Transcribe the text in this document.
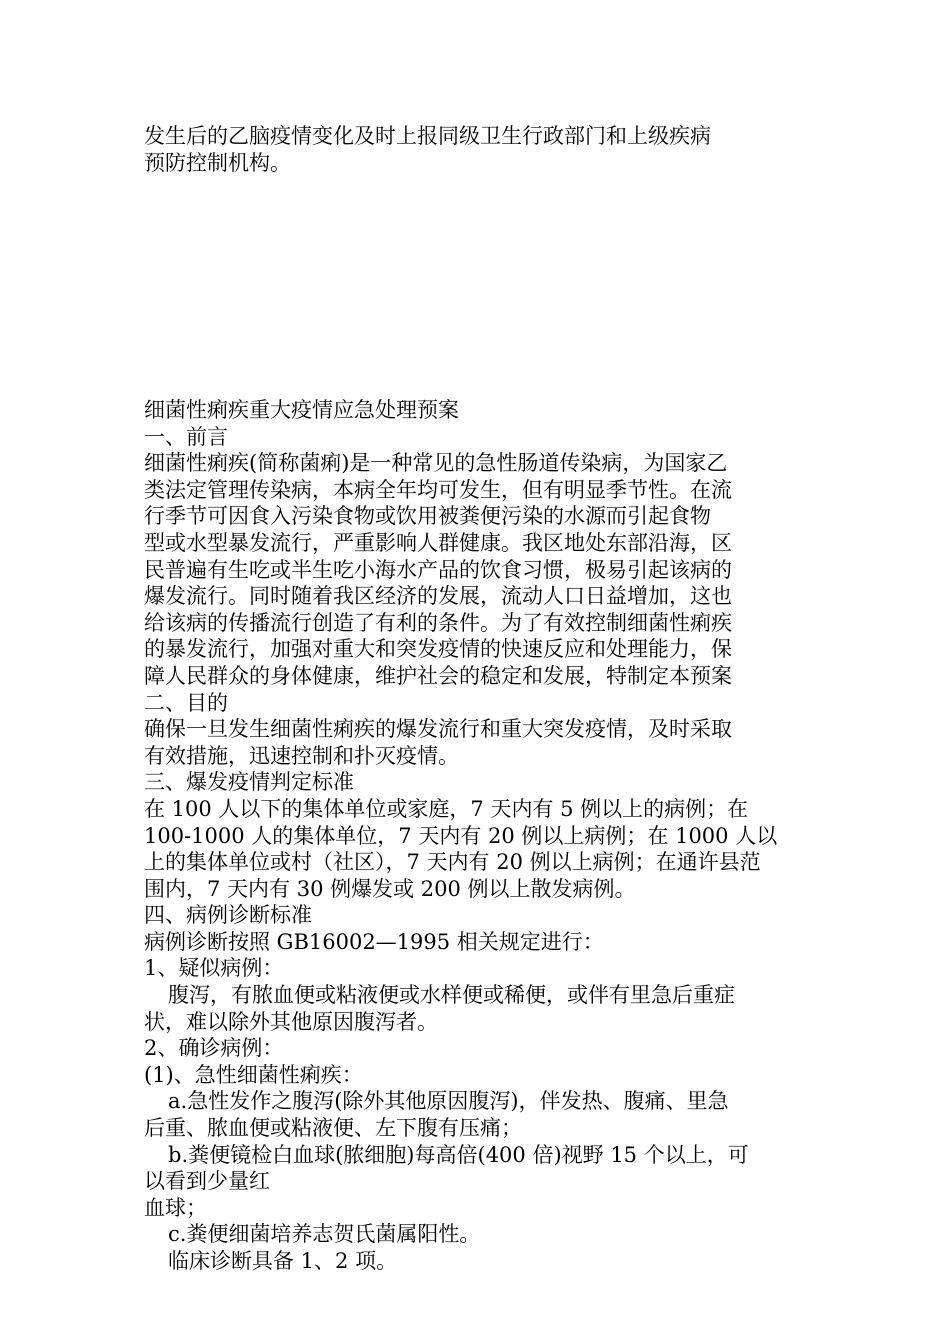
发生后的乙脑疫情变化及时上报同级卫生行政部门和上级疾病
预防控制机构。
细菌性痢疾重大疫情应急处理预案
一、前言
细菌性痢疾(简称菌痢)是一种常见的急性肠道传染病，为国家乙
类法定管理传染病，本病全年均可发生，但有明显季节性。在流
行季节可因食入污染食物或饮用被粪便污染的水源而引起食物
型或水型暴发流行，严重影响人群健康。我区地处东部沿海，区
民普遍有生吃或半生吃小海水产品的饮食习惯，极易引起该病的
爆发流行。同时随着我区经济的发展，流动人口日益增加，这也
给该病的传播流行创造了有利的条件。为了有效控制细菌性痢疾
的暴发流行，加强对重大和突发疫情的快速反应和处理能力，保
障人民群众的身体健康，维护社会的稳定和发展，特制定本预案
二、目的
确保一旦发生细菌性痢疾的爆发流行和重大突发疫情，及时采取
有效措施，迅速控制和扑灭疫情。
三、爆发疫情判定标准
在 100 人以下的集体单位或家庭，7 天内有 5 例以上的病例；在
100-1000 人的集体单位，7 天内有 20 例以上病例；在 1000 人以
上的集体单位或村（社区），7 天内有 20 例以上病例；在通许县范
围内，7 天内有 30 例爆发或 200 例以上散发病例。
四、病例诊断标准
病例诊断按照 GB16002—1995 相关规定进行：
1、疑似病例：
腹泻，有脓血便或粘液便或水样便或稀便，或伴有里急后重症
状，难以除外其他原因腹泻者。
2、确诊病例：
(1)、急性细菌性痢疾：
a.急性发作之腹泻(除外其他原因腹泻)，伴发热、腹痛、里急
后重、脓血便或粘液便、左下腹有压痛；
b.粪便镜检白血球(脓细胞)每高倍(400 倍)视野 15 个以上，可
以看到少量红
血球；
c.粪便细菌培养志贺氏菌属阳性。
临床诊断具备 1、2 项。
